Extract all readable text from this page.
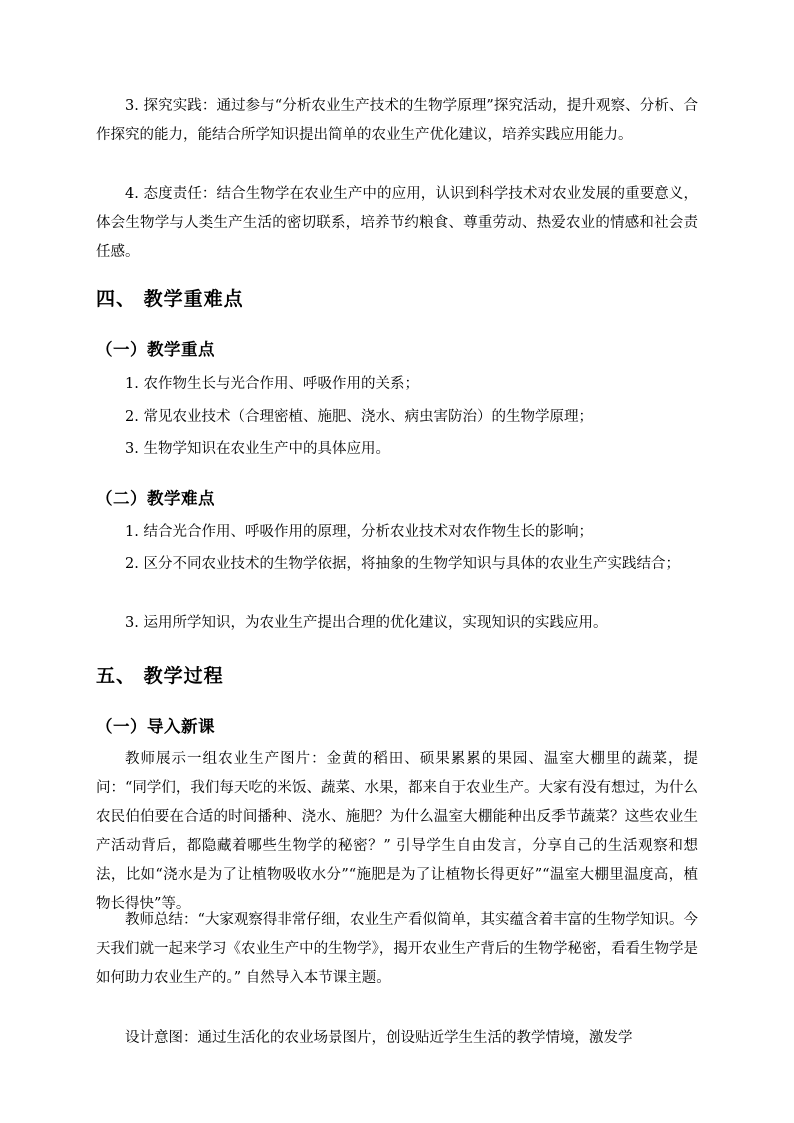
3. 探究实践：通过参与“分析农业生产技术的生物学原理”探究活动，提升观察、分析、合作探究的能力，能结合所学知识提出简单的农业生产优化建议，培养实践应用能力。

4. 态度责任：结合生物学在农业生产中的应用，认识到科学技术对农业发展的重要意义，体会生物学与人类生产生活的密切联系，培养节约粮食、尊重劳动、热爱农业的情感和社会责任感。

四、 教学重难点
（一）教学重点

1. 农作物生长与光合作用、呼吸作用的关系；

2. 常见农业技术（合理密植、施肥、浇水、病虫害防治）的生物学原理；

3. 生物学知识在农业生产中的具体应用。

（二）教学难点

1. 结合光合作用、呼吸作用的原理，分析农业技术对农作物生长的影响；

2. 区分不同农业技术的生物学依据，将抽象的生物学知识与具体的农业生产实践结合；

3. 运用所学知识，为农业生产提出合理的优化建议，实现知识的实践应用。

五、 教学过程
（一）导入新课

教师展示一组农业生产图片：金黄的稻田、硕果累累的果园、温室大棚里的蔬菜，提问：“同学们，我们每天吃的米饭、蔬菜、水果，都来自于农业生产。大家有没有想过，为什么农民伯伯要在合适的时间播种、浇水、施肥？为什么温室大棚能种出反季节蔬菜？这些农业生产活动背后，都隐藏着哪些生物学的秘密？” 引导学生自由发言，分享自己的生活观察和想法，比如“浇水是为了让植物吸收水分”“施肥是为了让植物长得更好”“温室大棚里温度高，植物长得快”等。

教师总结：“大家观察得非常仔细，农业生产看似简单，其实蕴含着丰富的生物学知识。今天我们就一起来学习《农业生产中的生物学》，揭开农业生产背后的生物学秘密，看看生物学是如何助力农业生产的。” 自然导入本节课主题。

设计意图：通过生活化的农业场景图片，创设贴近学生生活的教学情境，激发学
